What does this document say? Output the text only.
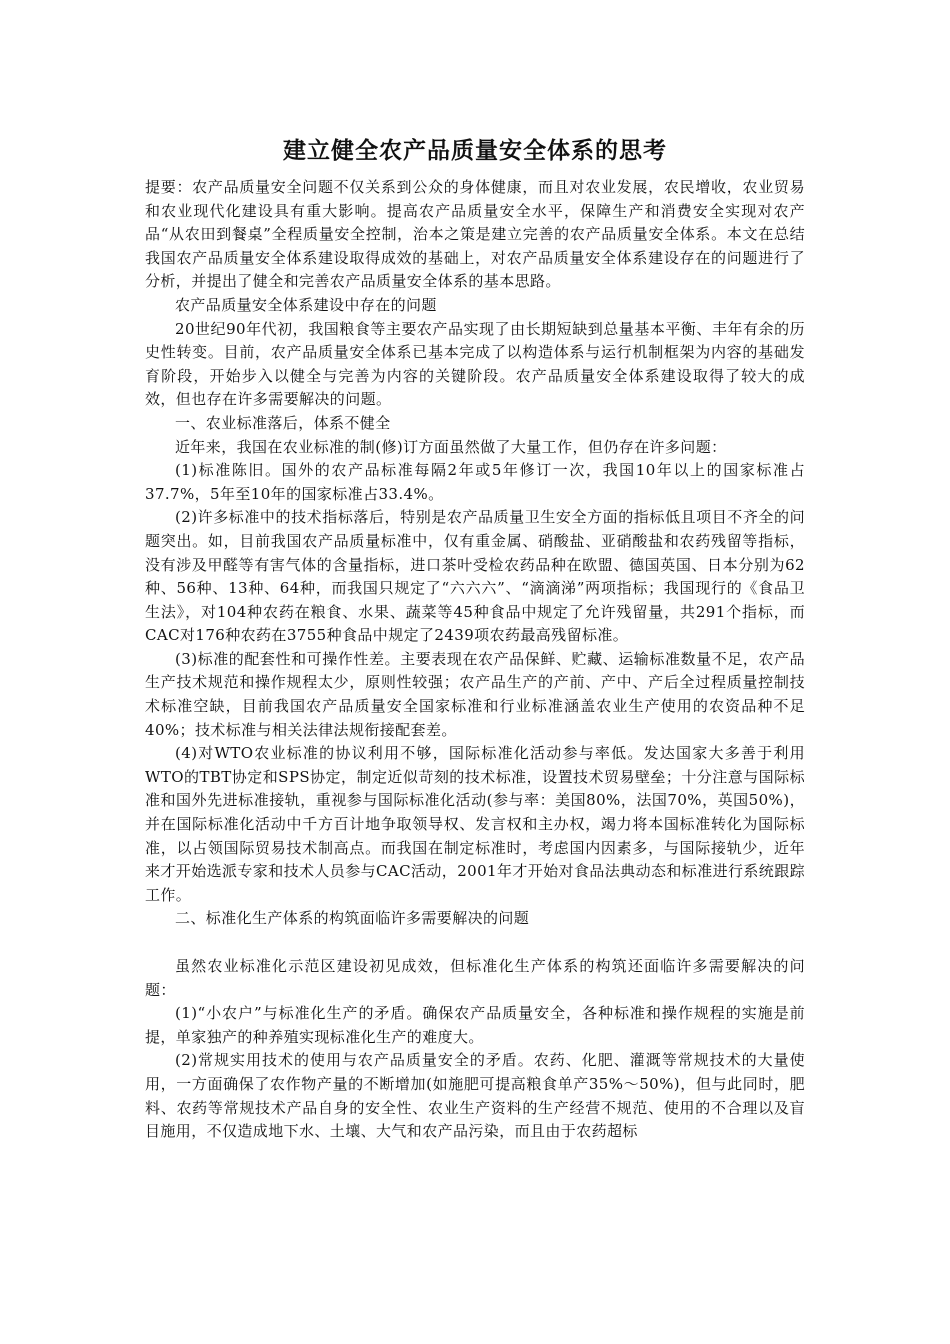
建立健全农产品质量安全体系的思考

提要：农产品质量安全问题不仅关系到公众的身体健康，而且对农业发展，农民增收，农业贸易和农业现代化建设具有重大影响。提高农产品质量安全水平，保障生产和消费安全实现对农产品“从农田到餐桌”全程质量安全控制，治本之策是建立完善的农产品质量安全体系。本文在总结我国农产品质量安全体系建设取得成效的基础上，对农产品质量安全体系建设存在的问题进行了分析，并提出了健全和完善农产品质量安全体系的基本思路。

农产品质量安全体系建设中存在的问题

20世纪90年代初，我国粮食等主要农产品实现了由长期短缺到总量基本平衡、丰年有余的历史性转变。目前，农产品质量安全体系已基本完成了以构造体系与运行机制框架为内容的基础发育阶段，开始步入以健全与完善为内容的关键阶段。农产品质量安全体系建设取得了较大的成效，但也存在许多需要解决的问题。

一、农业标准落后，体系不健全

近年来，我国在农业标准的制(修)订方面虽然做了大量工作，但仍存在许多问题：

(1)标准陈旧。国外的农产品标准每隔2年或5年修订一次，我国10年以上的国家标准占37.7%，5年至10年的国家标准占33.4%。

(2)许多标准中的技术指标落后，特别是农产品质量卫生安全方面的指标低且项目不齐全的问题突出。如，目前我国农产品质量标准中，仅有重金属、硝酸盐、亚硝酸盐和农药残留等指标，没有涉及甲醛等有害气体的含量指标，进口茶叶受检农药品种在欧盟、德国英国、日本分别为62种、56种、13种、64种，而我国只规定了“六六六”、“滴滴涕”两项指标；我国现行的《食品卫生法》，对104种农药在粮食、水果、蔬菜等45种食品中规定了允许残留量，共291个指标，而CAC对176种农药在3755种食品中规定了2439项农药最高残留标准。

(3)标准的配套性和可操作性差。主要表现在农产品保鲜、贮藏、运输标准数量不足，农产品生产技术规范和操作规程太少，原则性较强；农产品生产的产前、产中、产后全过程质量控制技术标准空缺，目前我国农产品质量安全国家标准和行业标准涵盖农业生产使用的农资品种不足40%；技术标准与相关法律法规衔接配套差。

(4)对WTO农业标准的协议利用不够，国际标准化活动参与率低。发达国家大多善于利用WTO的TBT协定和SPS协定，制定近似苛刻的技术标准，设置技术贸易壁垒；十分注意与国际标准和国外先进标准接轨，重视参与国际标准化活动(参与率：美国80%，法国70%，英国50%)，并在国际标准化活动中千方百计地争取领导权、发言权和主办权，竭力将本国标准转化为国际标准，以占领国际贸易技术制高点。而我国在制定标准时，考虑国内因素多，与国际接轨少，近年来才开始选派专家和技术人员参与CAC活动，2001年才开始对食品法典动态和标准进行系统跟踪工作。

二、标准化生产体系的构筑面临许多需要解决的问题

虽然农业标准化示范区建设初见成效，但标准化生产体系的构筑还面临许多需要解决的问题：

(1)“小农户”与标准化生产的矛盾。确保农产品质量安全，各种标准和操作规程的实施是前提，单家独产的种养殖实现标准化生产的难度大。

(2)常规实用技术的使用与农产品质量安全的矛盾。农药、化肥、灌溉等常规技术的大量使用，一方面确保了农作物产量的不断增加(如施肥可提高粮食单产35%～50%)，但与此同时，肥料、农药等常规技术产品自身的安全性、农业生产资料的生产经营不规范、使用的不合理以及盲目施用，不仅造成地下水、土壤、大气和农产品污染，而且由于农药超标
